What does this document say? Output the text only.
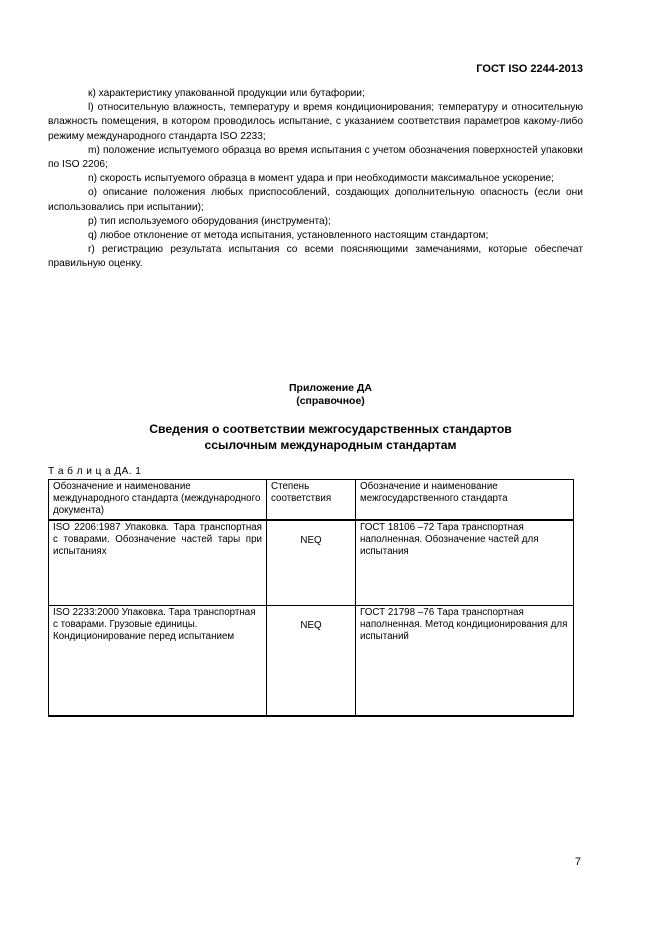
ГОСТ ISO 2244-2013

к) характеристику упакованной продукции или бутафории;

l) относительную влажность, температуру и время кондиционирования; температуру и относительную влажность помещения, в котором проводилось испытание, с указанием соответствия параметров какому-либо режиму международного стандарта ISO 2233;

m) положение испытуемого образца во время испытания с учетом обозначения поверхностей упаковки по ISO 2206;

n) скорость испытуемого образца в момент удара и при необходимости максимальное ускорение;

о) описание положения любых приспособлений, создающих дополнительную опасность (если они использовались при испытании);

p) тип используемого оборудования (инструмента);

q) любое отклонение от метода испытания, установленного настоящим стандартом;

r) регистрацию результата испытания со всеми поясняющими замечаниями, которые обеспечат правильную оценку.

Приложение ДА
(справочное)
Сведения о соответствии межгосударственных стандартов
ссылочным международным стандартам
Т а б л и ц а ДА. 1
Обозначение и наименование международного стандарта (международного документа)	Степень соответствия	Обозначение и наименование межгосударственного стандарта
ISO 2206:1987 Упаковка. Тара транспортная с товарами. Обозначение частей тары при испытаниях	NEQ	ГОСТ 18106 –72 Тара транспортная наполненная. Обозначение частей для испытания
ISO 2233:2000 Упаковка. Тара транспортная с товарами. Грузовые единицы. Кондиционирование перед испытанием	NEQ	ГОСТ 21798 –76 Тара транспортная наполненная. Метод кондиционирования для испытаний
7
